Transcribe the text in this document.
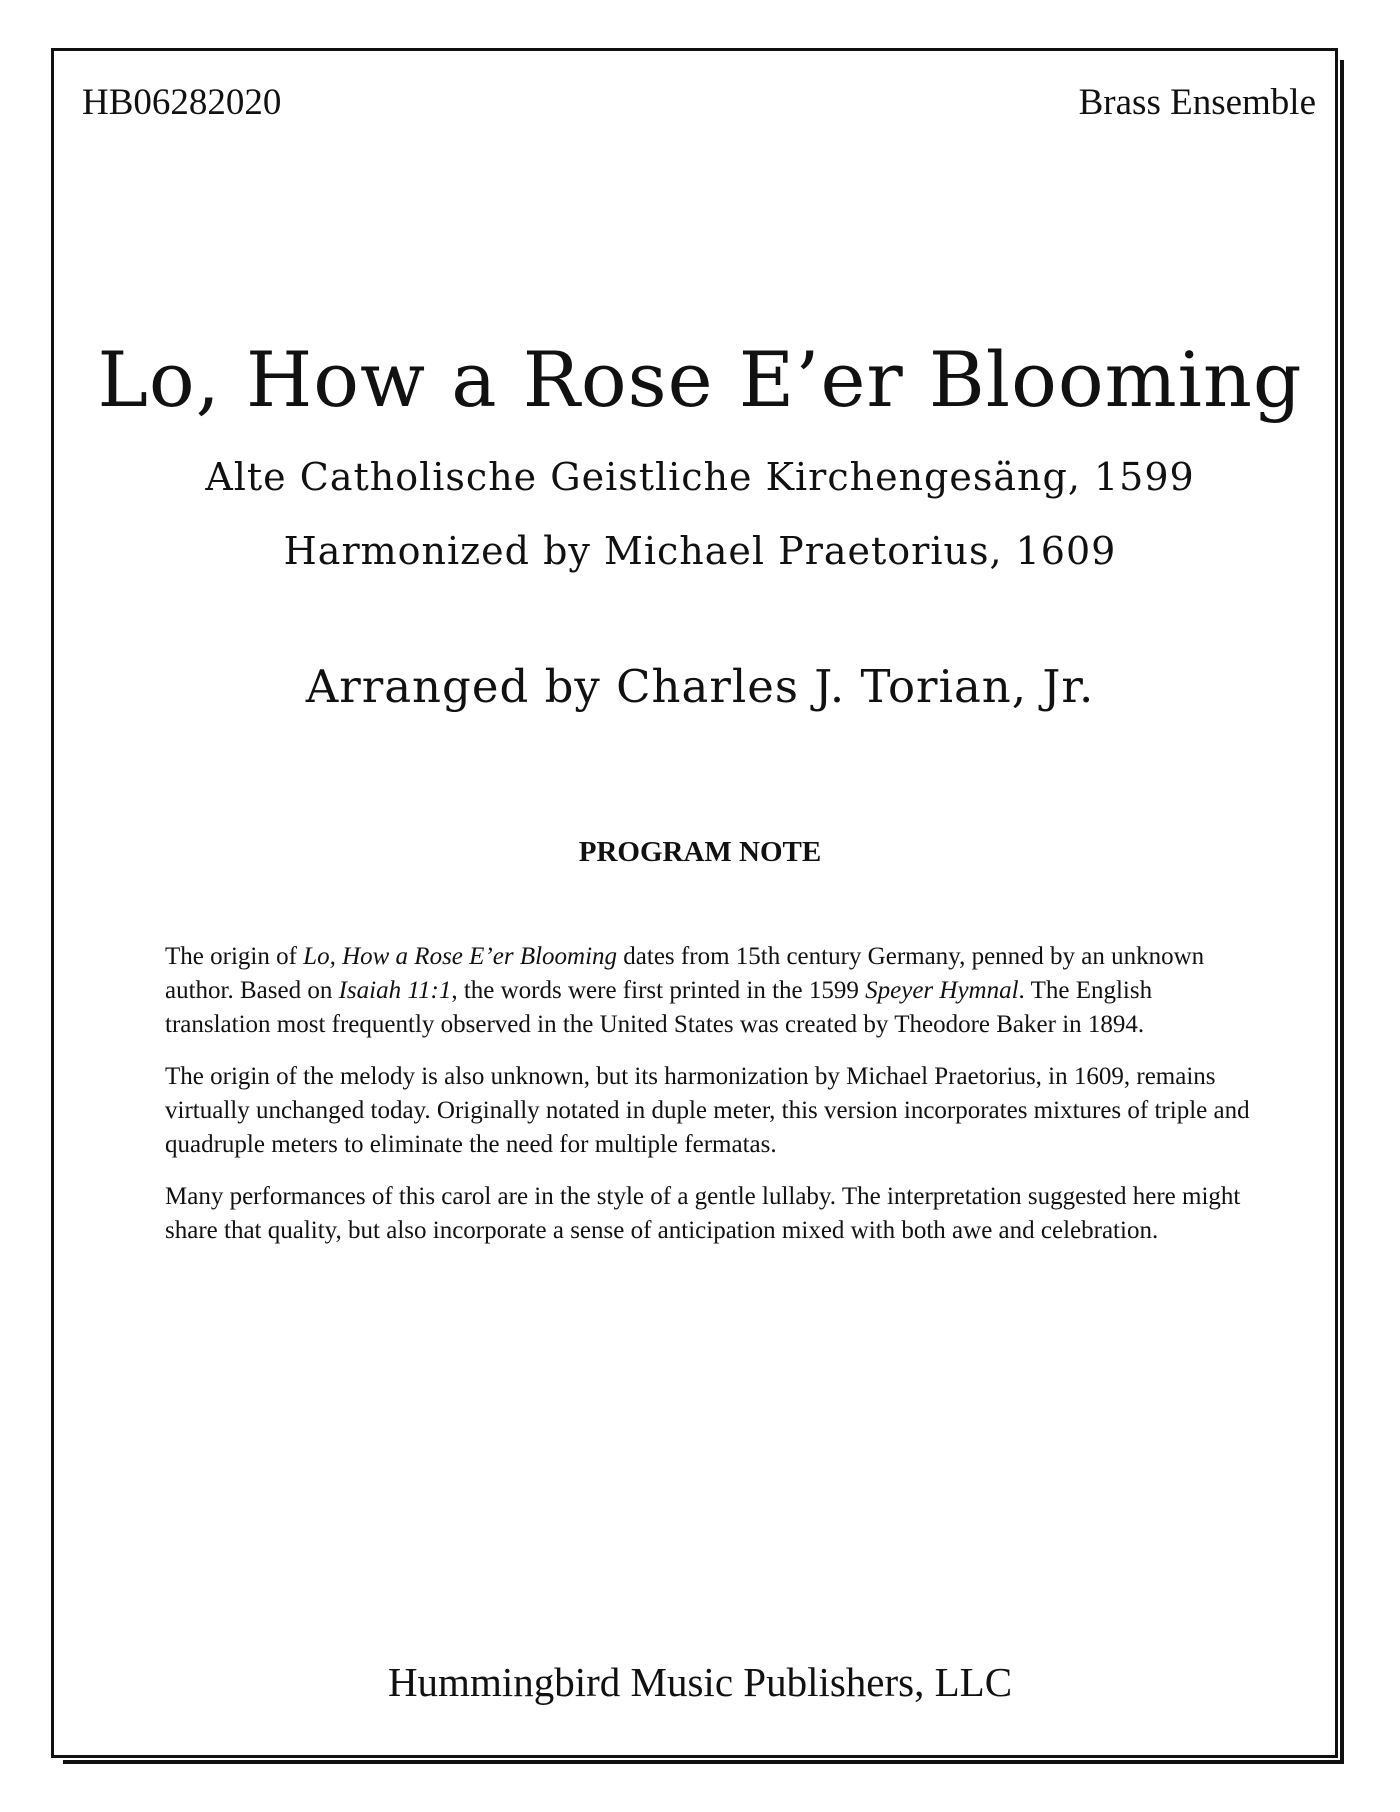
HB06282020	Brass Ensemble
Lo, How a Rose E’er Blooming
Alte Catholische Geistliche Kirchengesäng, 1599
Harmonized by Michael Praetorius, 1609
Arranged by Charles J. Torian, Jr.
PROGRAM NOTE

The origin of Lo, How a Rose E’er Blooming dates from 15th century Germany, penned by an unknown author. Based on Isaiah 11:1, the words were first printed in the 1599 Speyer Hymnal. The English translation most frequently observed in the United States was created by Theodore Baker in 1894.

The origin of the melody is also unknown, but its harmonization by Michael Praetorius, in 1609, remains virtually unchanged today. Originally notated in duple meter, this version incorporates mixtures of triple and quadruple meters to eliminate the need for multiple fermatas.

Many performances of this carol are in the style of a gentle lullaby. The interpretation suggested here might share that quality, but also incorporate a sense of anticipation mixed with both awe and celebration.

Hummingbird Music Publishers, LLC
